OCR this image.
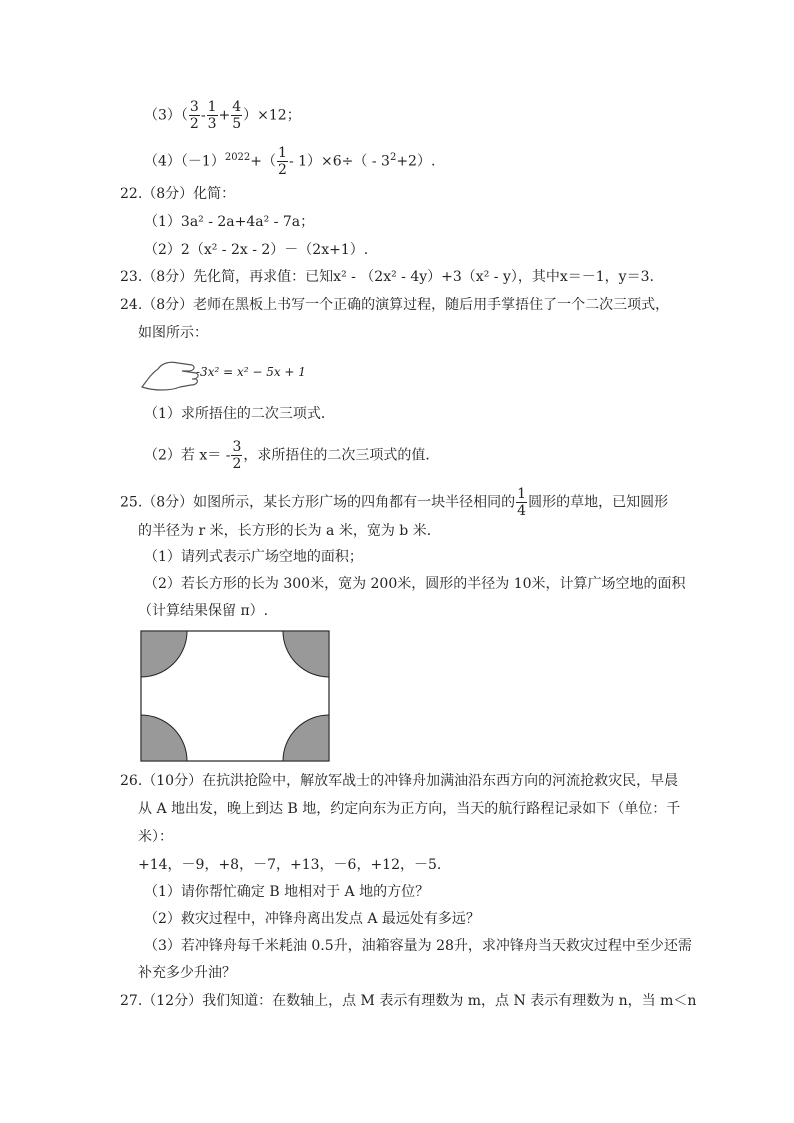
$(3)( \frac{3}{2} - \frac{1}{3} + \frac{4}{5} )\times 12$；
$(4)(-1)^{2022}+( \frac{1}{2} - 1)\times 6\div( - 3^2+2)$.
22.（8分）化简：
（1）3a² - 2a+4a² - 7a；
（2）2（x² - 2x - 2）－（2x+1）.
23.（8分）先化简，再求值：已知x² - （2x² - 4y）+3（x² - y），其中x＝－1，y＝3.
24.（8分）老师在黑板上书写一个正确的演算过程，随后用手掌捂住了一个二次三项式，
如图所示：
-3x² = x² − 5x + 1
（1）求所捂住的二次三项式．
（2）若 $x= - \frac{3}{2}$ ，求所捂住的二次三项式的值．
25.（8分）如图所示，某长方形广场的四角都有一块半径相同的 $\frac{1}{4}$ 圆形的草地，已知圆形
的半径为 r 米，长方形的长为 a 米，宽为 b 米．
（1）请列式表示广场空地的面积；
（2）若长方形的长为 300米，宽为 200米，圆形的半径为 10米，计算广场空地的面积
（计算结果保留 π）.
26.（10分）在抗洪抢险中，解放军战士的冲锋舟加满油沿东西方向的河流抢救灾民，早晨
从 A 地出发，晚上到达 B 地，约定向东为正方向，当天的航行路程记录如下（单位：千
米）：
+14，－9，+8，－7，+13，－6，+12，－5.
（1）请你帮忙确定 B 地相对于 A 地的方位？
（2）救灾过程中，冲锋舟离出发点 A 最远处有多远？
（3）若冲锋舟每千米耗油 0.5升，油箱容量为 28升，求冲锋舟当天救灾过程中至少还需
补充多少升油？
27.（12分）我们知道：在数轴上，点 M 表示有理数为 m，点 N 表示有理数为 n，当 m＜n
